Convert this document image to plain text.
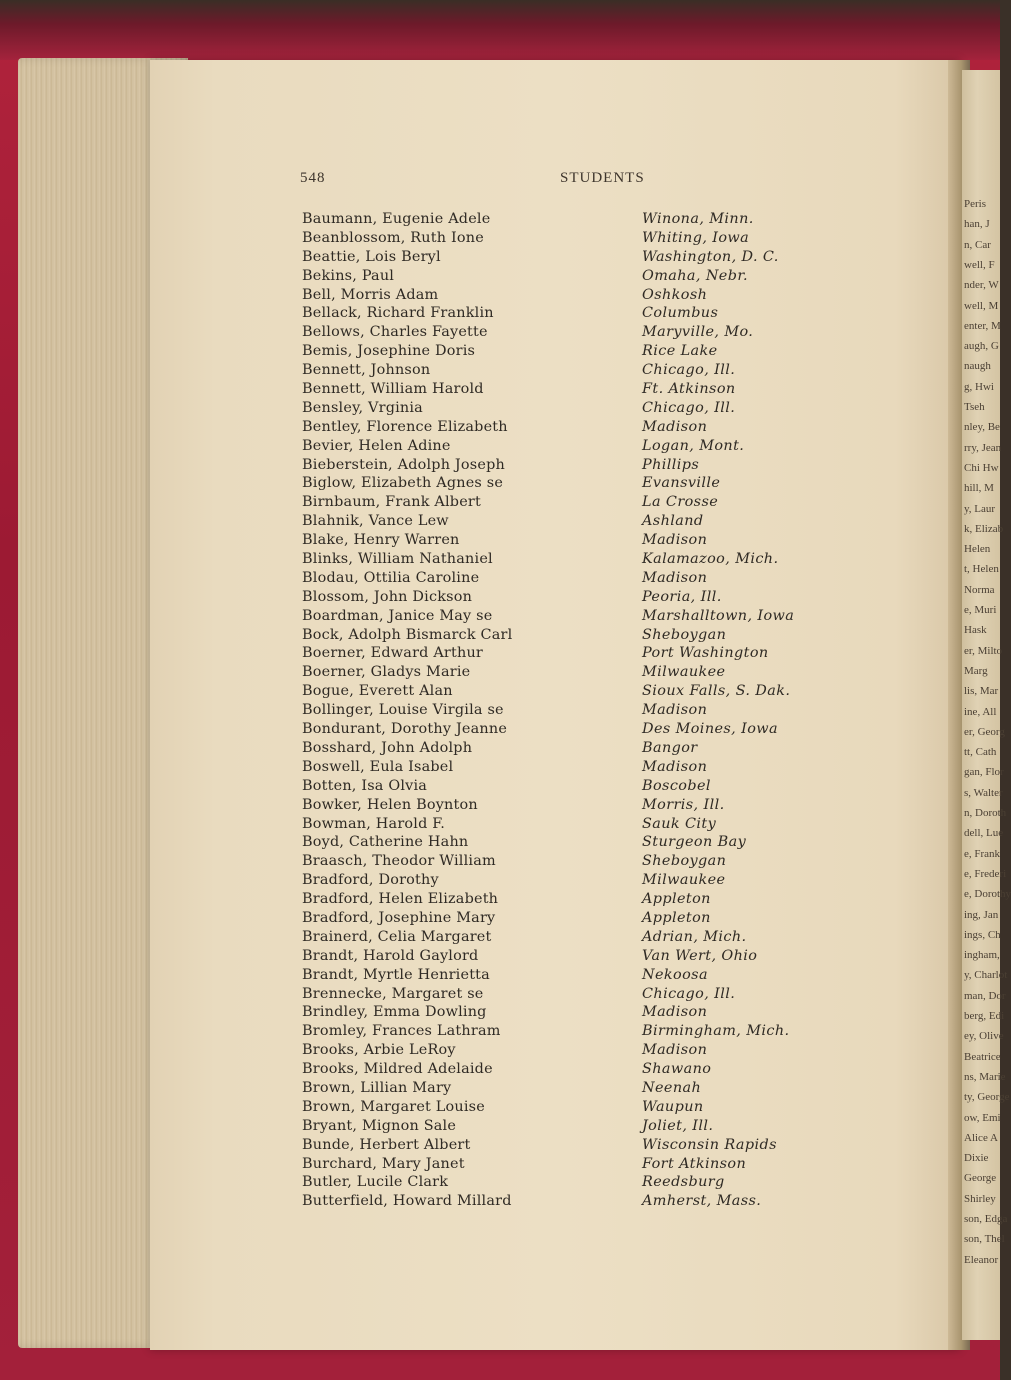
Peris
han, J
n, Car
well, F
nder, W
well, M
enter, M
augh, G
naugh
g, Hwi
Tseh
nley, Be
rry, Jean
Chi Hw
hill, M
y, Laur
k, Elizab
Helen
t, Helen
Norma
e, Muri
Hask
er, Milto
Marg
lis, Mar
ine, All
er, Georg
tt, Cath
gan, Flor
s, Walter
n, Doroth
dell, Lue
e, Frank
e, Frederi
e, Dorothy
ing, Jan
ings, Ch
ingham,
y, Charlot
man, Dor
berg, Edi
ey, Olive
Beatrice
ns, Marie
ty, George
ow, Emi
Alice A
Dixie
George
Shirley
son, Edga
son, Thel
Eleanor
548	STUDENTS
Baumann, Eugenie Adele	Winona, Minn.
Beanblossom, Ruth Ione	Whiting, Iowa
Beattie, Lois Beryl	Washington, D. C.
Bekins, Paul	Omaha, Nebr.
Bell, Morris Adam	Oshkosh
Bellack, Richard Franklin	Columbus
Bellows, Charles Fayette	Maryville, Mo.
Bemis, Josephine Doris	Rice Lake
Bennett, Johnson	Chicago, Ill.
Bennett, William Harold	Ft. Atkinson
Bensley, Vrginia	Chicago, Ill.
Bentley, Florence Elizabeth	Madison
Bevier, Helen Adine	Logan, Mont.
Bieberstein, Adolph Joseph	Phillips
Biglow, Elizabeth Agnes se	Evansville
Birnbaum, Frank Albert	La Crosse
Blahnik, Vance Lew	Ashland
Blake, Henry Warren	Madison
Blinks, William Nathaniel	Kalamazoo, Mich.
Blodau, Ottilia Caroline	Madison
Blossom, John Dickson	Peoria, Ill.
Boardman, Janice May se	Marshalltown, Iowa
Bock, Adolph Bismarck Carl	Sheboygan
Boerner, Edward Arthur	Port Washington
Boerner, Gladys Marie	Milwaukee
Bogue, Everett Alan	Sioux Falls, S. Dak.
Bollinger, Louise Virgila se	Madison
Bondurant, Dorothy Jeanne	Des Moines, Iowa
Bosshard, John Adolph	Bangor
Boswell, Eula Isabel	Madison
Botten, Isa Olvia	Boscobel
Bowker, Helen Boynton	Morris, Ill.
Bowman, Harold F.	Sauk City
Boyd, Catherine Hahn	Sturgeon Bay
Braasch, Theodor William	Sheboygan
Bradford, Dorothy	Milwaukee
Bradford, Helen Elizabeth	Appleton
Bradford, Josephine Mary	Appleton
Brainerd, Celia Margaret	Adrian, Mich.
Brandt, Harold Gaylord	Van Wert, Ohio
Brandt, Myrtle Henrietta	Nekoosa
Brennecke, Margaret se	Chicago, Ill.
Brindley, Emma Dowling	Madison
Bromley, Frances Lathram	Birmingham, Mich.
Brooks, Arbie LeRoy	Madison
Brooks, Mildred Adelaide	Shawano
Brown, Lillian Mary	Neenah
Brown, Margaret Louise	Waupun
Bryant, Mignon Sale	Joliet, Ill.
Bunde, Herbert Albert	Wisconsin Rapids
Burchard, Mary Janet	Fort Atkinson
Butler, Lucile Clark	Reedsburg
Butterfield, Howard Millard	Amherst, Mass.
